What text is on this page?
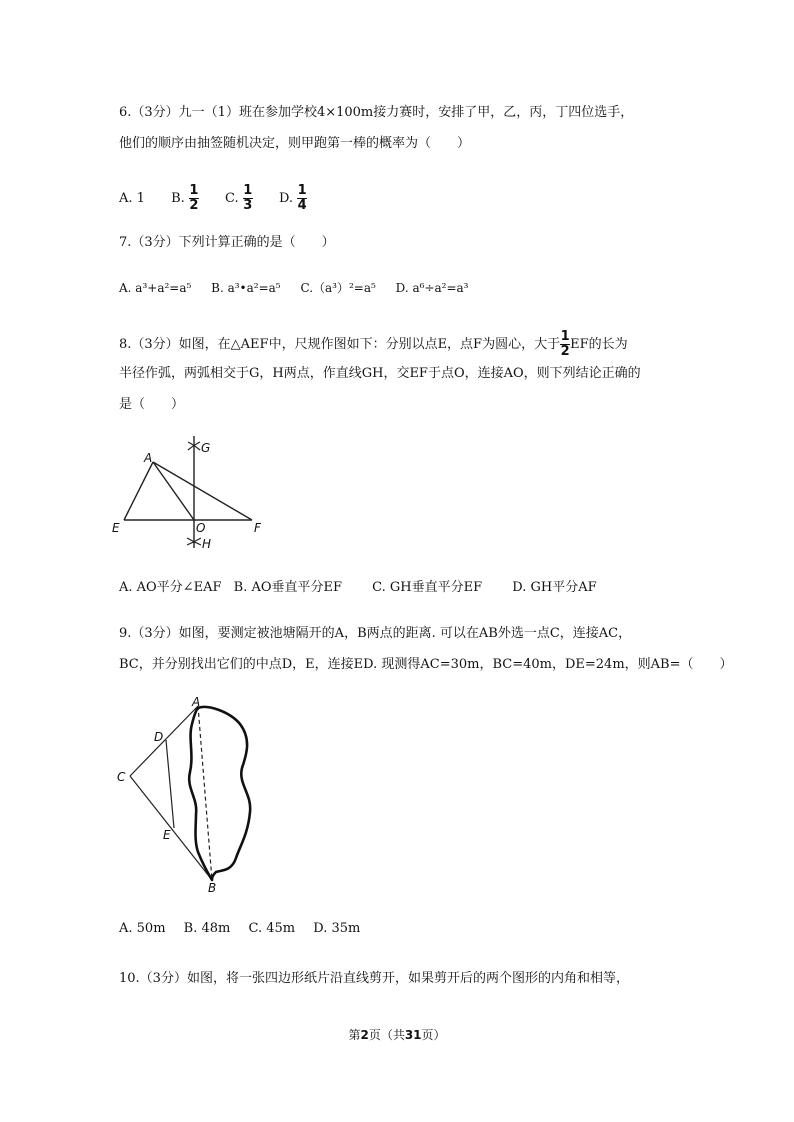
6.（3分）九一（1）班在参加学校4×100m接力赛时，安排了甲，乙，丙，丁四位选手，
他们的顺序由抽签随机决定，则甲跑第一棒的概率为（　　）
A. 1 B. $\frac{1}{2} C$. $\frac{1}{3} D$. $\frac{1}{4}$
7.（3分）下列计算正确的是（　　）
A. a³+a²=a⁵ B. a³•a²=a⁵ C.（a³）²=a⁵ D. a⁶÷a²=a³
8.（3分）如图，在△AEF中，尺规作图如下：分别以点E，点F为圆心，大于 $\frac{1}{2}$ EF的长为
半径作弧，两弧相交于G，H两点，作直线GH，交EF于点O，连接AO，则下列结论正确的
是（　　）
A
E	O	F
G
H
A. AO平分∠EAF B. AO垂直平分EF C. GH垂直平分EF D. GH平分AF
9.（3分）如图，要测定被池塘隔开的A，B两点的距离. 可以在AB外选一点C，连接AC，
BC，并分别找出它们的中点D，E，连接ED. 现测得AC=30m，BC=40m，DE=24m，则AB=（　　）
A
D
C
E
B
A. 50m B. 48m C. 45m D. 35m
10.（3分）如图，将一张四边形纸片沿直线剪开，如果剪开后的两个图形的内角和相等，
第2页（共31页）
